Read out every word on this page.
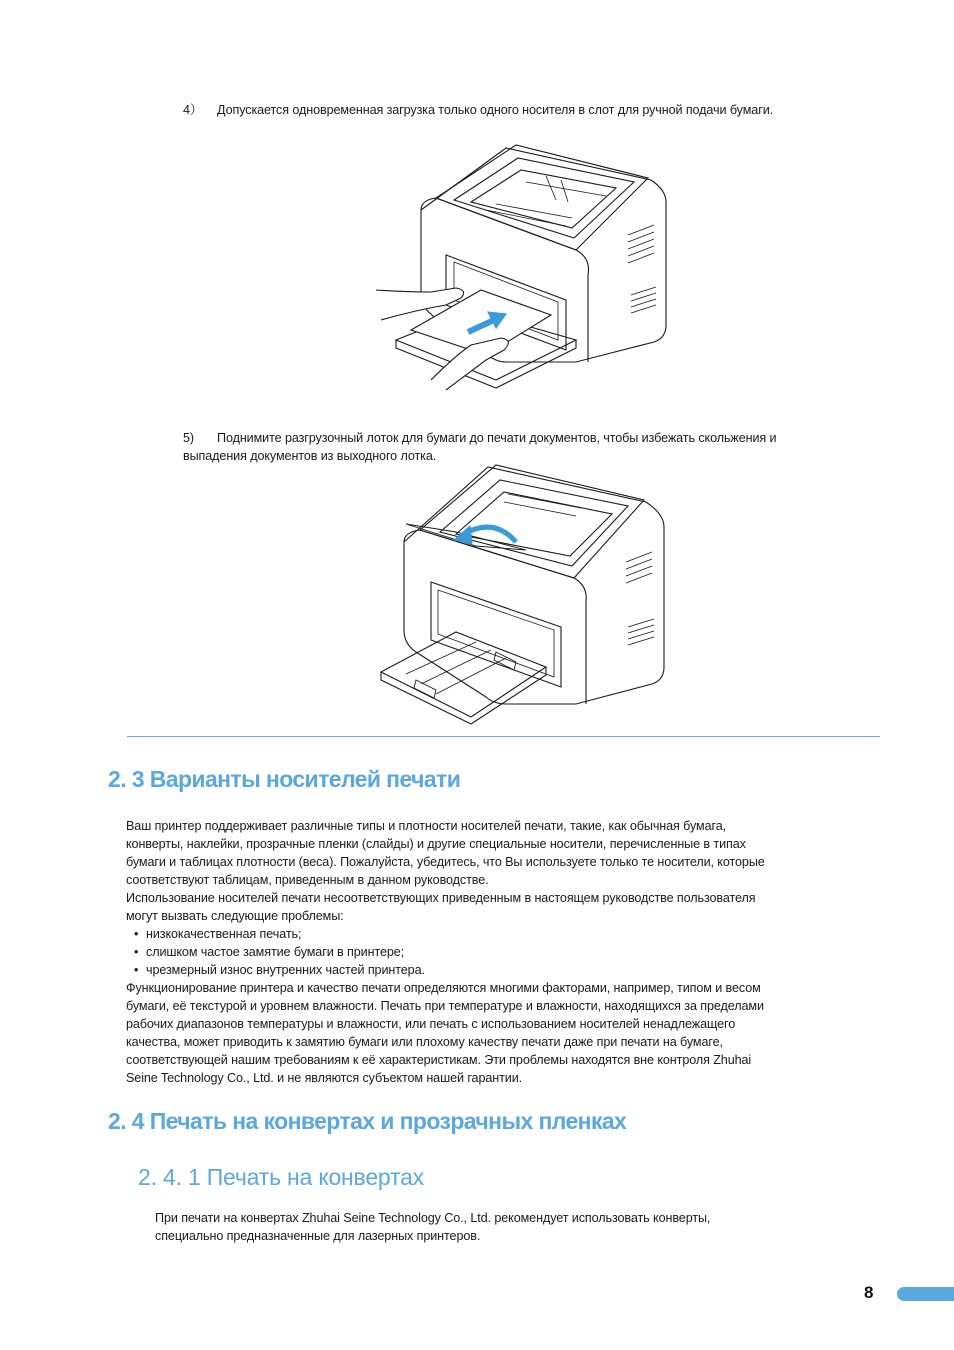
4） Допускается одновременная загрузка только одного носителя в слот для ручной подачи бумаги.
5) Поднимите разгрузочный лоток для бумаги до печати документов, чтобы избежать скольжения и
выпадения документов из выходного лотка.
2. 3 Варианты носителей печати
Ваш принтер поддерживает различные типы и плотности носителей печати, такие, как обычная бумага,
конверты, наклейки, прозрачные пленки (слайды) и другие специальные носители, перечисленные в типах
бумаги и таблицах плотности (веса). Пожалуйста, убедитесь, что Вы используете только те носители, которые
соответствуют таблицам, приведенным в данном руководстве.
Использование носителей печати несоответствующих приведенным в настоящем руководстве пользователя
могут вызвать следующие проблемы:
• низкокачественная печать;
• слишком частое замятие бумаги в принтере;
• чрезмерный износ внутренних частей принтера.
Функционирование принтера и качество печати определяются многими факторами, например, типом и весом
бумаги, её текстурой и уровнем влажности. Печать при температуре и влажности, находящихся за пределами
рабочих диапазонов температуры и влажности, или печать с использованием носителей ненадлежащего
качества, может приводить к замятию бумаги или плохому качеству печати даже при печати на бумаге,
соответствующей нашим требованиям к её характеристикам. Эти проблемы находятся вне контроля Zhuhai
Seine Technology Co., Ltd. и не являются субъектом нашей гарантии.
2. 4 Печать на конвертах и прозрачных пленках
2. 4. 1 Печать на конвертах
При печати на конвертах Zhuhai Seine Technology Co., Ltd. рекомендует использовать конверты,
специально предназначенные для лазерных принтеров.
8
